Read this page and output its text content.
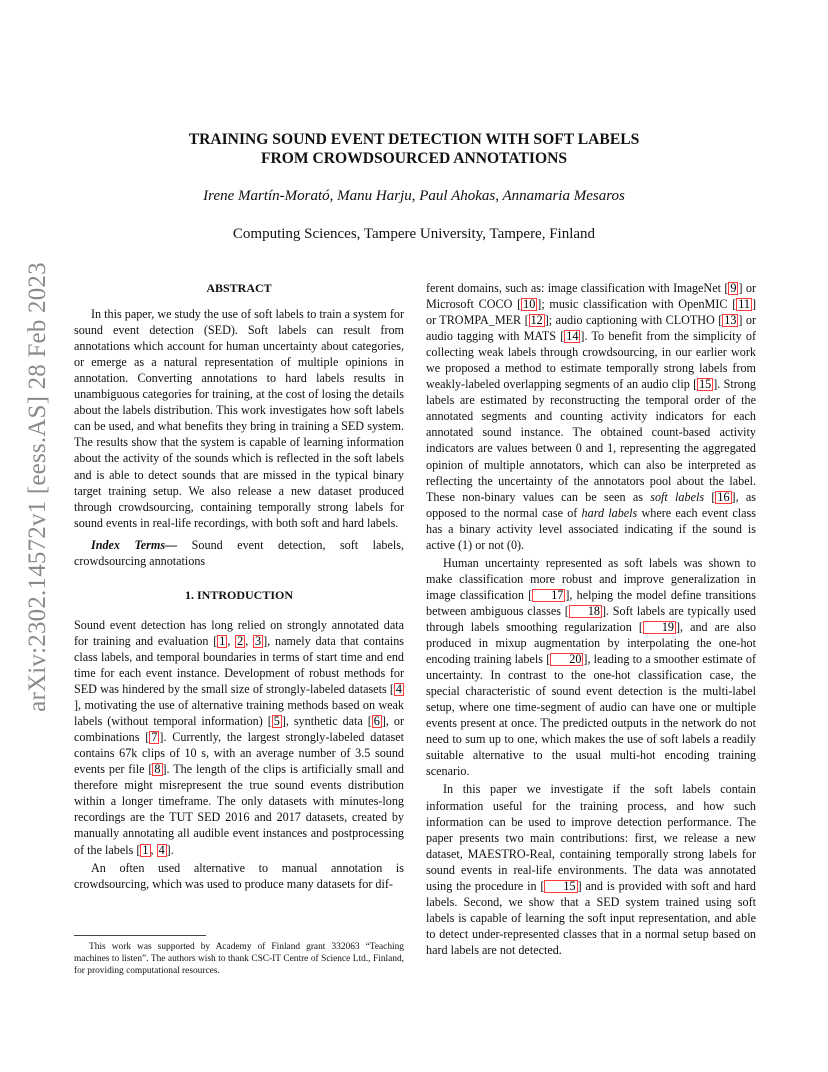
arXiv:2302.14572v1 [eess.AS] 28 Feb 2023
TRAINING SOUND EVENT DETECTION WITH SOFT LABELS
FROM CROWDSOURCED ANNOTATIONS
Irene Martín-Morató, Manu Harju, Paul Ahokas, Annamaria Mesaros
Computing Sciences, Tampere University, Tampere, Finland
ABSTRACT

In this paper, we study the use of soft labels to train a system for sound event detection (SED). Soft labels can result from annotations which account for human uncertainty about categories, or emerge as a natural representation of multiple opinions in annotation. Converting annotations to hard labels results in unambiguous categories for training, at the cost of losing the details about the labels distribution. This work investigates how soft labels can be used, and what benefits they bring in training a SED system. The results show that the system is capable of learning information about the activity of the sounds which is reflected in the soft labels and is able to detect sounds that are missed in the typical binary target training setup. We also release a new dataset produced through crowdsourcing, containing temporally strong labels for sound events in real-life recordings, with both soft and hard labels.

Index Terms— Sound event detection, soft labels, crowdsourcing annotations

1. INTRODUCTION

Sound event detection has long relied on strongly annotated data for training and evaluation [ 1 , 2 , 3 ], namely data that contains class labels, and temporal boundaries in terms of start time and end time for each event instance. Development of robust methods for SED was hindered by the small size of strongly-labeled datasets [ 4], motivating the use of alternative training methods based on weak labels (without temporal information) [ 5 ], synthetic data [ 6 ], or combinations [ 7 ]. Currently, the largest strongly-labeled dataset contains 67k clips of 10 s, with an average number of 3.5 sound events per file [ 8 ]. The length of the clips is artificially small and therefore might misrepresent the true sound events distribution within a longer timeframe. The only datasets with minutes-long recordings are the TUT SED 2016 and 2017 datasets, created by manually annotating all audible event instances and postprocessing of the labels [ 1 , 4 ].

An often used alternative to manual annotation is crowdsourcing, which was used to produce many datasets for dif-

ferent domains, such as: image classification with ImageNet [ 9 ] or Microsoft COCO [ 10 ]; music classification with OpenMIC [ 11 ] or TROMPA_MER [ 12 ]; audio captioning with CLOTHO [ 13 ] or audio tagging with MATS [ 14 ]. To benefit from the simplicity of collecting weak labels through crowdsourcing, in our earlier work we proposed a method to estimate temporally strong labels from weakly-labeled overlapping segments of an audio clip [ 15 ]. Strong labels are estimated by reconstructing the temporal order of the annotated segments and counting activity indicators for each annotated sound instance. The obtained count-based activity indicators are values between 0 and 1, representing the aggregated opinion of multiple annotators, which can also be interpreted as reflecting the uncertainty of the annotators pool about the label. These non-binary values can be seen as soft labels [ 16 ], as opposed to the normal case of hard labels where each event class has a binary activity level associated indicating if the sound is active (1) or not (0).

Human uncertainty represented as soft labels was shown to make classification more robust and improve generalization in image classification [ 17 ], helping the model define transitions between ambiguous classes [ 18 ]. Soft labels are typically used through labels smoothing regularization [ 19 ], and are also produced in mixup augmentation by interpolating the one-hot encoding training labels [ 20 ], leading to a smoother estimate of uncertainty. In contrast to the one-hot classification case, the special characteristic of sound event detection is the multi-label setup, where one time-segment of audio can have one or multiple events present at once. The predicted outputs in the network do not need to sum up to one, which makes the use of soft labels a readily suitable alternative to the usual multi-hot encoding training scenario.

In this paper we investigate if the soft labels contain information useful for the training process, and how such information can be used to improve detection performance. The paper presents two main contributions: first, we release a new dataset, MAESTRO-Real, containing temporally strong labels for sound events in real-life environments. The data was annotated using the procedure in [ 15 ] and is provided with soft and hard labels. Second, we show that a SED system trained using soft labels is capable of learning the soft input representation, and able to detect under-represented classes that in a normal setup based on hard labels are not detected.

This work was supported by Academy of Finland grant 332063 “Teaching machines to listen”. The authors wish to thank CSC-IT Centre of Science Ltd., Finland, for providing computational resources.
